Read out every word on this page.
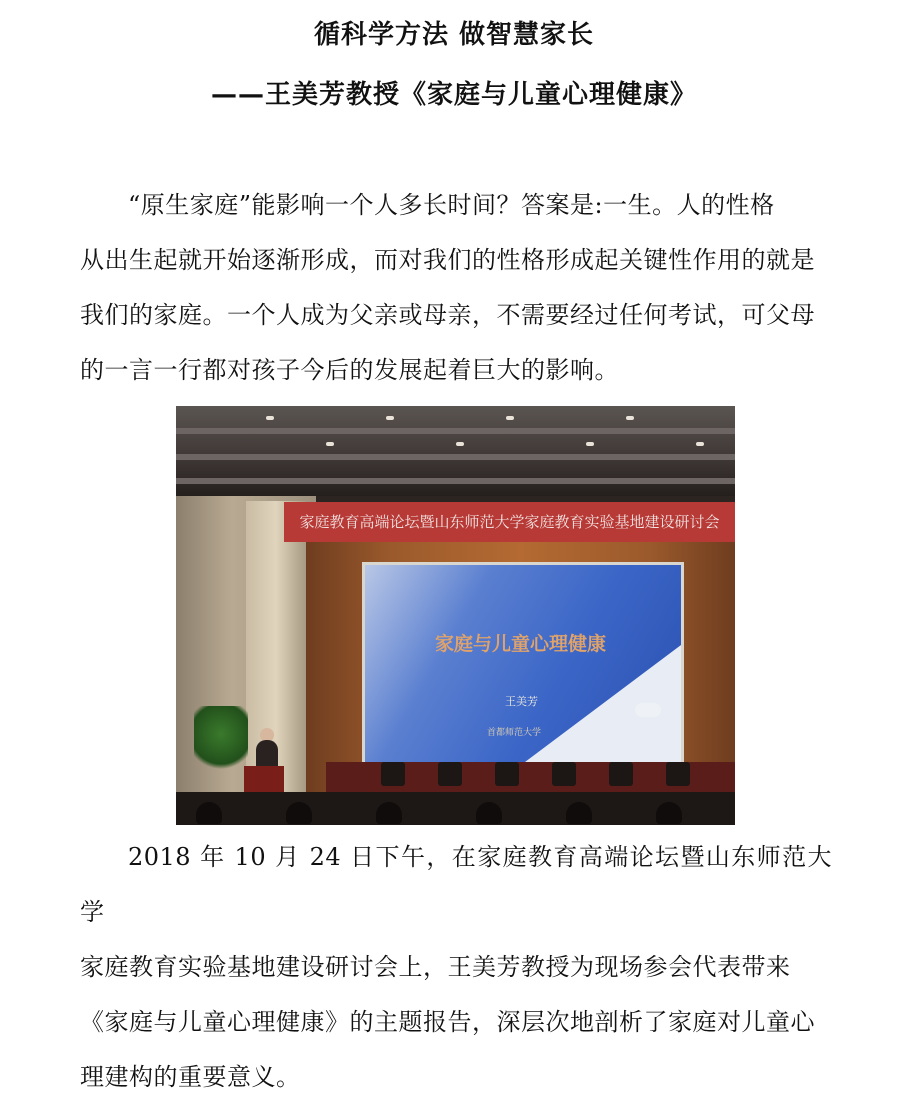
循科学方法 做智慧家长
——王美芳教授《家庭与儿童心理健康》

“原生家庭”能影响一个人多长时间？答案是:一生。人的性格

从出生起就开始逐渐形成，而对我们的性格形成起关键性作用的就是

我们的家庭。一个人成为父亲或母亲，不需要经过任何考试，可父母

的一言一行都对孩子今后的发展起着巨大的影响。

家庭教育高端论坛暨山东师范大学家庭教育实验基地建设研讨会
家庭与儿童心理健康
王美芳
首都师范大学

2018 年 10 月 24 日下午，在家庭教育高端论坛暨山东师范大学

家庭教育实验基地建设研讨会上，王美芳教授为现场参会代表带来

《家庭与儿童心理健康》的主题报告，深层次地剖析了家庭对儿童心

理建构的重要意义。
